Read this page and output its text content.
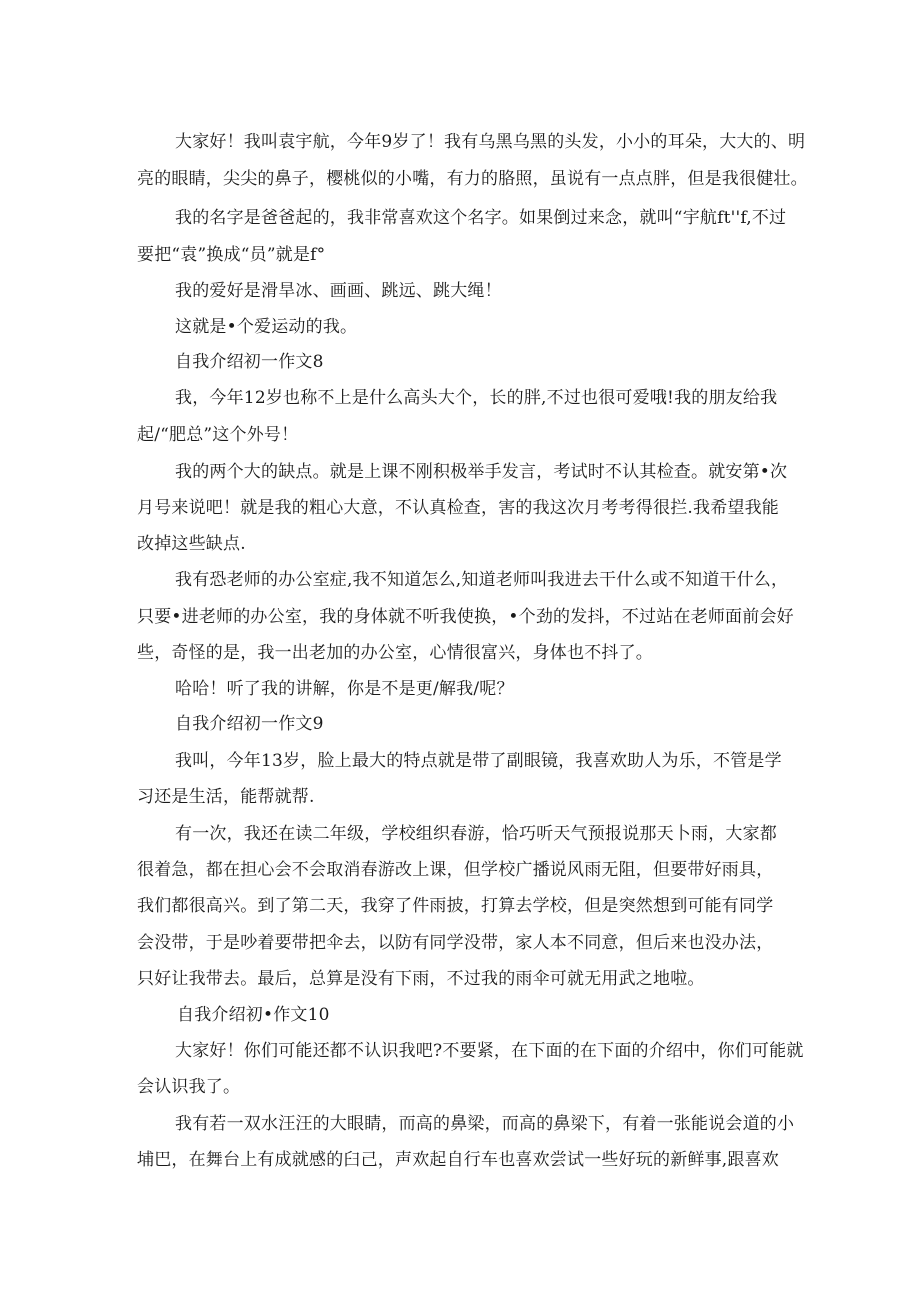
大家好！我叫袁宇航，今年9岁了！我有乌黑乌黑的头发，小小的耳朵，大大的、明
亮的眼睛，尖尖的鼻子，樱桃似的小嘴，有力的胳照，虽说有一点点胖，但是我很健壮。
我的名字是爸爸起的，我非常喜欢这个名字。如果倒过来念，就叫“宇航ft''f,不过
要把“袁”换成“员”就是f°
我的爱好是滑旱冰、画画、跳远、跳大绳！
这就是•个爱运动的我。
自我介绍初一作文8
我，今年12岁也称不上是什么高头大个，长的胖,不过也很可爱哦!我的朋友给我
起/“肥总”这个外号！
我的两个大的缺点。就是上课不刚积极举手发言，考试时不认其检查。就安第•次
月号来说吧！就是我的粗心大意，不认真检查，害的我这次月考考得很拦.我希望我能
改掉这些缺点.
我有恐老师的办公室症,我不知道怎么,知道老师叫我进去干什么或不知道干什么，
只要•进老师的办公室，我的身体就不听我使换，•个劲的发抖，不过站在老师面前会好
些，奇怪的是，我一出老加的办公室，心情很富兴，身体也不抖了。
哈哈！听了我的讲解，你是不是更/解我/呢？
自我介绍初一作文9
我叫，今年13岁，脸上最大的特点就是带了副眼镜，我喜欢助人为乐，不管是学
习还是生活，能帮就帮.
有一次，我还在读二年级，学校组织春游，恰巧听天气预报说那天卜雨，大家都
很着急，都在担心会不会取消春游改上课，但学校广播说风雨无阻，但要带好雨具，
我们都很高兴。到了第二天，我穿了件雨披，打算去学校，但是突然想到可能有同学
会没带，于是吵着要带把伞去，以防有同学没带，家人本不同意，但后来也没办法，
只好让我带去。最后，总算是没有下雨，不过我的雨伞可就无用武之地啦。
自我介绍初•作文10
大家好！你们可能还都不认识我吧?不要紧，在下面的在下面的介绍中，你们可能就
会认识我了。
我有若一双水汪汪的大眼睛，而高的鼻梁，而高的鼻梁下，有着一张能说会道的小
埔巴，在舞台上有成就感的臼己，声欢起自行车也喜欢尝试一些好玩的新鲜事,跟喜欢
